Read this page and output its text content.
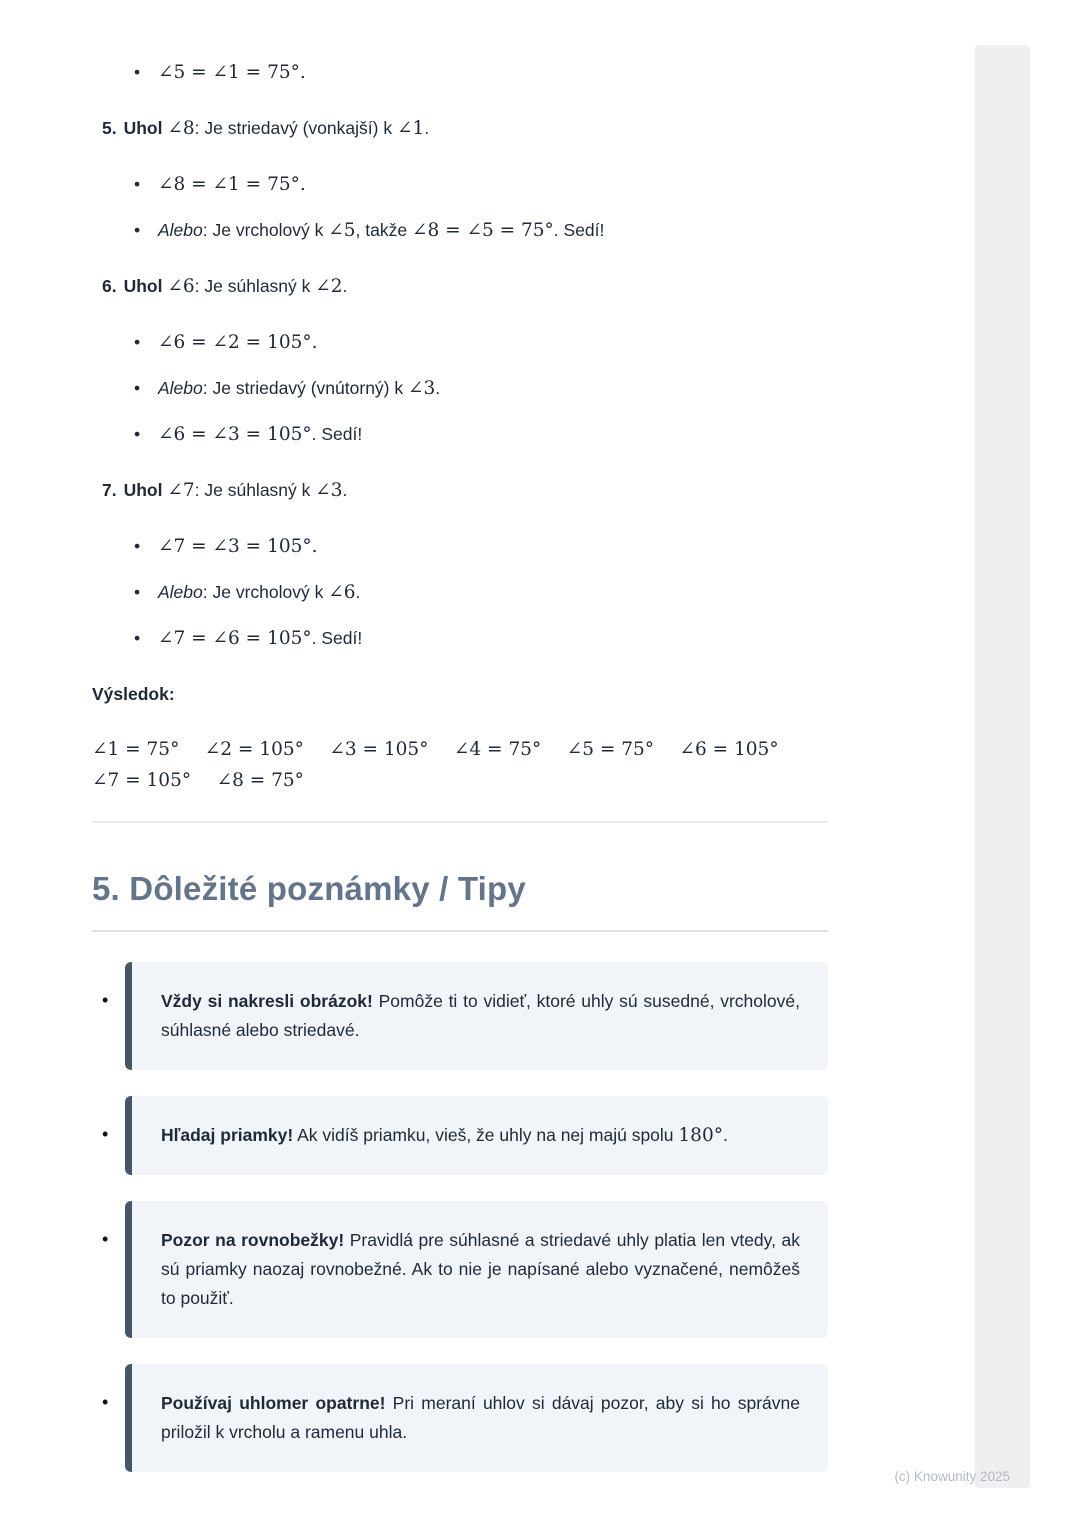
• ∠5 = ∠1 = 75°.
5. Uhol ∠8: Je striedavý (vonkajší) k ∠1.
• ∠8 = ∠1 = 75°.
• Alebo: Je vrcholový k ∠5, takže ∠8 = ∠5 = 75°. Sedí!
6. Uhol ∠6: Je súhlasný k ∠2.
• ∠6 = ∠2 = 105°.
• Alebo: Je striedavý (vnútorný) k ∠3.
• ∠6 = ∠3 = 105°. Sedí!
7. Uhol ∠7: Je súhlasný k ∠3.
• ∠7 = ∠3 = 105°.
• Alebo: Je vrcholový k ∠6.
• ∠7 = ∠6 = 105°. Sedí!
Výsledok:
∠1 = 75° ∠2 = 105° ∠3 = 105° ∠4 = 75° ∠5 = 75° ∠6 = 105° ∠7 = 105° ∠8 = 75°
5. Dôležité poznámky / Tipy
• Vždy si nakresli obrázok! Pomôže ti to vidieť, ktoré uhly sú susedné, vrcholové, súhlasné alebo striedavé.
• Hľadaj priamky! Ak vidíš priamku, vieš, že uhly na nej majú spolu 180°.
• Pozor na rovnobežky! Pravidlá pre súhlasné a striedavé uhly platia len vtedy, ak sú priamky naozaj rovnobežné. Ak to nie je napísané alebo vyznačené, nemôžeš to použiť.
• Používaj uhlomer opatrne! Pri meraní uhlov si dávaj pozor, aby si ho správne priložil k vrcholu a ramenu uhla.
(c) Knowunity 2025
